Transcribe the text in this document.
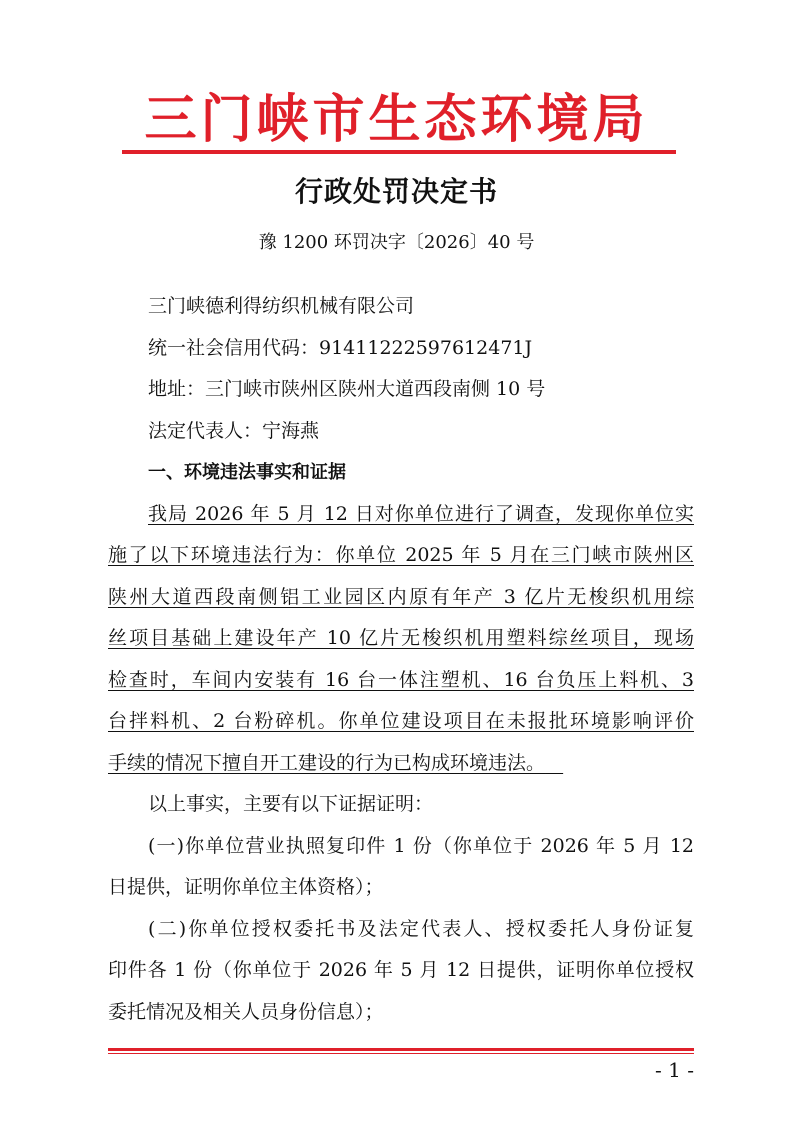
三门峡市生态环境局
行政处罚决定书
豫 1200 环罚决字〔2026〕40 号
三门峡德利得纺织机械有限公司
统一社会信用代码：91411222597612471J
地址：三门峡市陕州区陕州大道西段南侧 10 号
法定代表人：宁海燕
一、环境违法事实和证据
我局 2026 年 5 月 12 日对你单位进行了调查，发现你单位实
施了以下环境违法行为：你单位 2025 年 5 月在三门峡市陕州区
陕州大道西段南侧铝工业园区内原有年产 3 亿片无梭织机用综
丝项目基础上建设年产 10 亿片无梭织机用塑料综丝项目，现场
检查时，车间内安装有 16 台一体注塑机、16 台负压上料机、3
台拌料机、2 台粉碎机。你单位建设项目在未报批环境影响评价
手续的情况下擅自开工建设的行为已构成环境违法。
以上事实，主要有以下证据证明：
(一)你单位营业执照复印件 1 份（你单位于 2026 年 5 月 12
日提供，证明你单位主体资格）；
(二)你单位授权委托书及法定代表人、授权委托人身份证复
印件各 1 份（你单位于 2026 年 5 月 12 日提供，证明你单位授权
委托情况及相关人员身份信息）；
- 1 -
